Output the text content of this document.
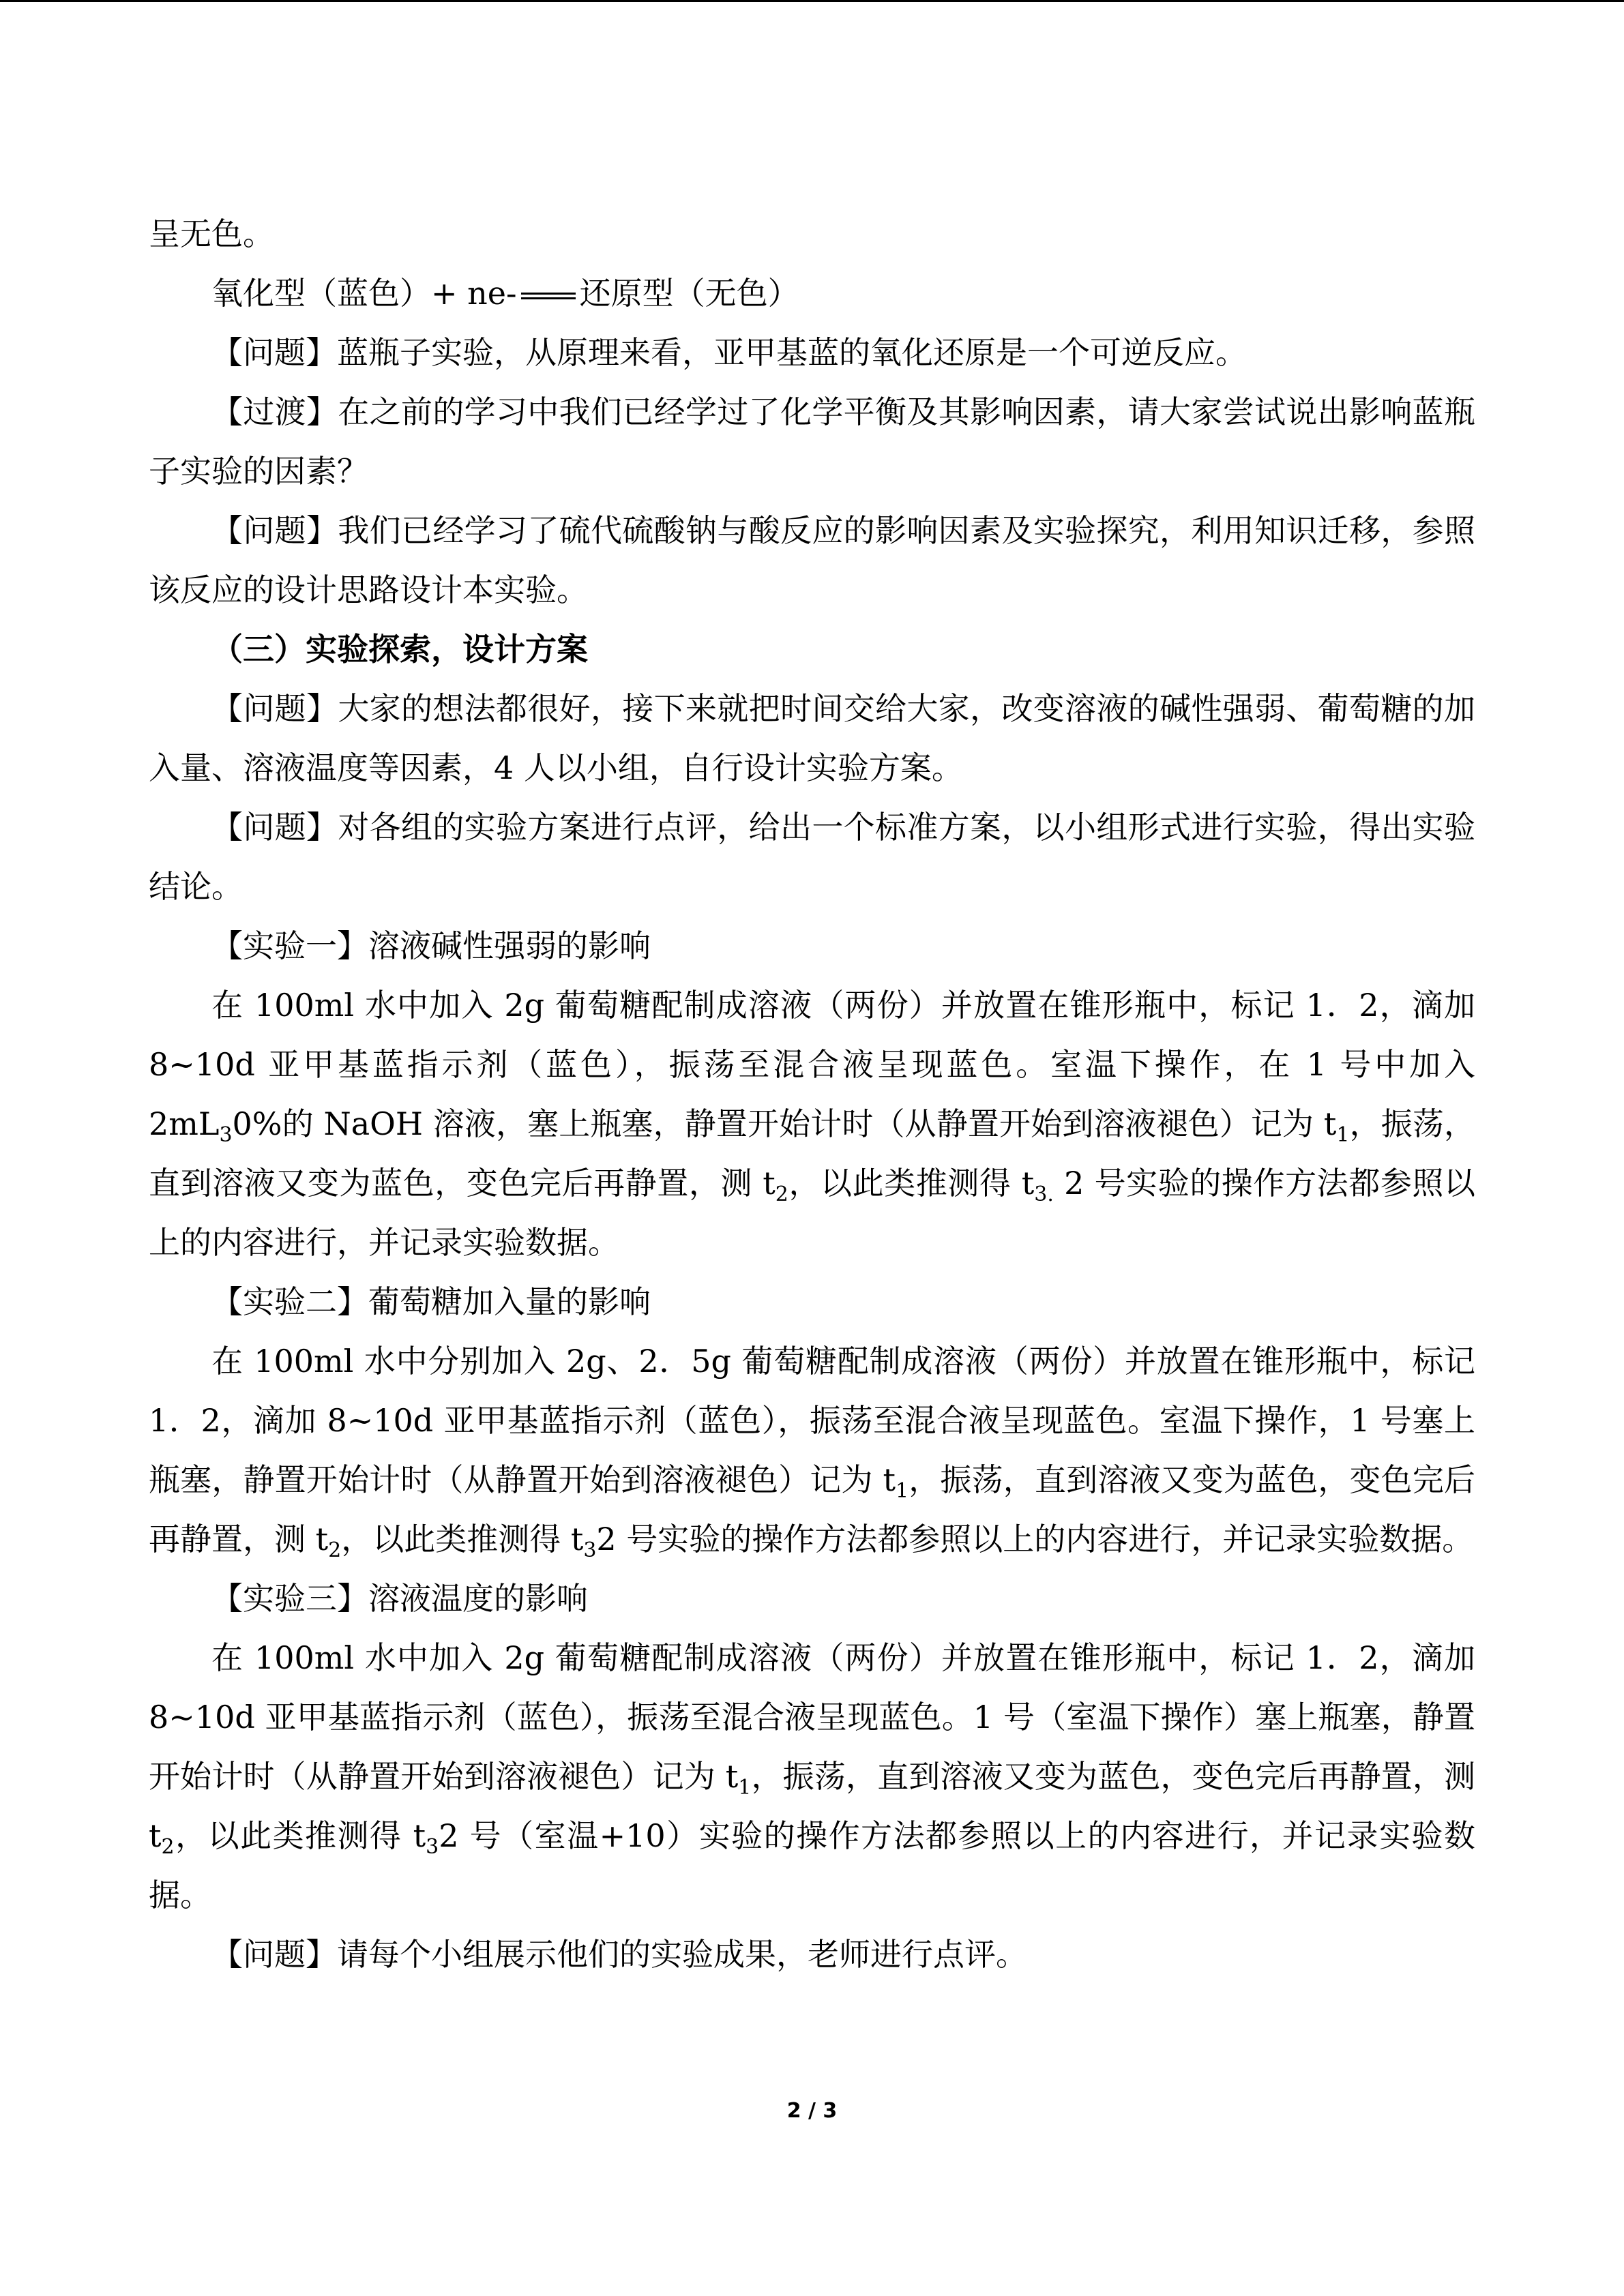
呈无色。

氧化型（蓝色）+ ne- 还原型（无色）

【问题】蓝瓶子实验，从原理来看，亚甲基蓝的氧化还原是一个可逆反应。

【过渡】在之前的学习中我们已经学过了化学平衡及其影响因素，请大家尝试说出影响蓝瓶子实验的因素？

【问题】我们已经学习了硫代硫酸钠与酸反应的影响因素及实验探究，利用知识迁移，参照该反应的设计思路设计本实验。

（三）实验探索，设计方案

【问题】大家的想法都很好，接下来就把时间交给大家，改变溶液的碱性强弱、葡萄糖的加入量、溶液温度等因素，4 人以小组，自行设计实验方案。

【问题】对各组的实验方案进行点评，给出一个标准方案，以小组形式进行实验，得出实验结论。

【实验一】溶液碱性强弱的影响

在 100ml 水中加入 2g 葡萄糖配制成溶液（两份）并放置在锥形瓶中，标记 1．2，滴加 8~10d 亚甲基蓝指示剂（蓝色），振荡至混合液呈现蓝色。室温下操作，在 1 号中加入 $2mL_30\%$的 NaOH 溶液，塞上瓶塞，静置开始计时（从静置开始到溶液褪色）记为 $t_1$，振荡，直到溶液又变为蓝色，变色完后再静置，测 $t_2$，以此类推测得 $t_{3.}$ 2 号实验的操作方法都参照以上的内容进行，并记录实验数据。

【实验二】葡萄糖加入量的影响

在 100ml 水中分别加入 2g、2．5g 葡萄糖配制成溶液（两份）并放置在锥形瓶中，标记 1．2，滴加 8~10d 亚甲基蓝指示剂（蓝色），振荡至混合液呈现蓝色。室温下操作，1 号塞上瓶塞，静置开始计时（从静置开始到溶液褪色）记为 $t_1$，振荡，直到溶液又变为蓝色，变色完后再静置，测 $t_2$，以此类推测得 $t_32$ 号实验的操作方法都参照以上的内容进行，并记录实验数据。

【实验三】溶液温度的影响

在 100ml 水中加入 2g 葡萄糖配制成溶液（两份）并放置在锥形瓶中，标记 1．2，滴加 8~10d 亚甲基蓝指示剂（蓝色），振荡至混合液呈现蓝色。1 号（室温下操作）塞上瓶塞，静置开始计时（从静置开始到溶液褪色）记为 $t_1$，振荡，直到溶液又变为蓝色，变色完后再静置，测 $t_2$，以此类推测得 $t_32$ 号（室温+10）实验的操作方法都参照以上的内容进行，并记录实验数据。

【问题】请每个小组展示他们的实验成果，老师进行点评。

2 / 3
